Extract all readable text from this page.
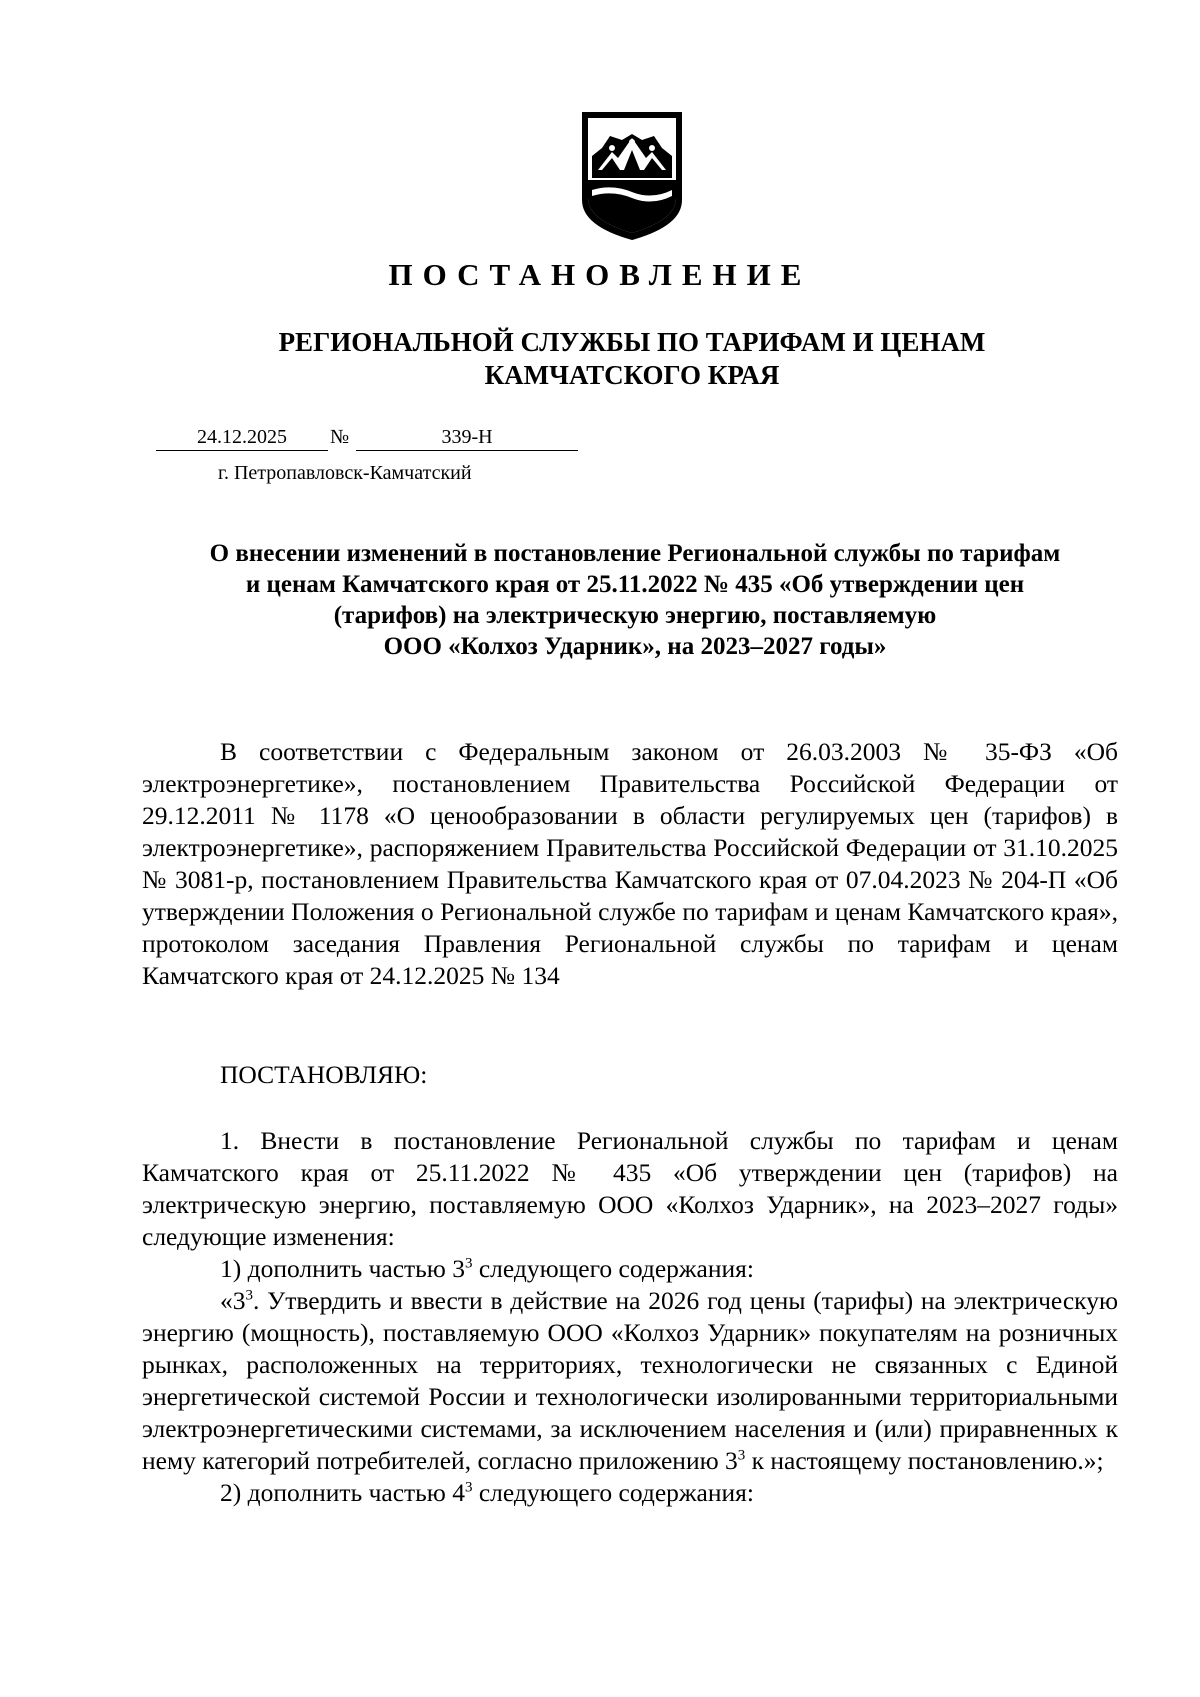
ПОСТАНОВЛЕНИЕ
РЕГИОНАЛЬНОЙ СЛУЖБЫ ПО ТАРИФАМ И ЦЕНАМ
КАМЧАТСКОГО КРАЯ
24.12.2025	№	339-Н
г. Петропавловск-Камчатский
О внесении изменений в постановление Региональной службы по тарифам
и ценам Камчатского края от 25.11.2022 № 435 «Об утверждении цен
(тарифов) на электрическую энергию, поставляемую
ООО «Колхоз Ударник», на 2023–2027 годы»

В соответствии с Федеральным законом от 26.03.2003 № 35-ФЗ «Об электроэнергетике», постановлением Правительства Российской Федерации от 29.12.2011 № 1178 «О ценообразовании в области регулируемых цен (тарифов) в электроэнергетике», распоряжением Правительства Российской Федерации от 31.10.2025 № 3081-р, постановлением Правительства Камчатского края от 07.04.2023 № 204-П «Об утверждении Положения о Региональной службе по тарифам и ценам Камчатского края», протоколом заседания Правления Региональной службы по тарифам и ценам Камчатского края от 24.12.2025 № 134

ПОСТАНОВЛЯЮ:

1. Внести в постановление Региональной службы по тарифам и ценам Камчатского края от 25.11.2022 № 435 «Об утверждении цен (тарифов) на электрическую энергию, поставляемую ООО «Колхоз Ударник», на 2023–2027 годы» следующие изменения:

1) дополнить частью $3^3$ следующего содержания:

«$3^3$. Утвердить и ввести в действие на 2026 год цены (тарифы) на электрическую энергию (мощность), поставляемую ООО «Колхоз Ударник» покупателям на розничных рынках, расположенных на территориях, технологически не связанных с Единой энергетической системой России и технологически изолированными территориальными электроэнергетическими системами, за исключением населения и (или) приравненных к нему категорий потребителей, согласно приложению $3^3$ к настоящему постановлению.»;

2) дополнить частью $4^3$ следующего содержания:
